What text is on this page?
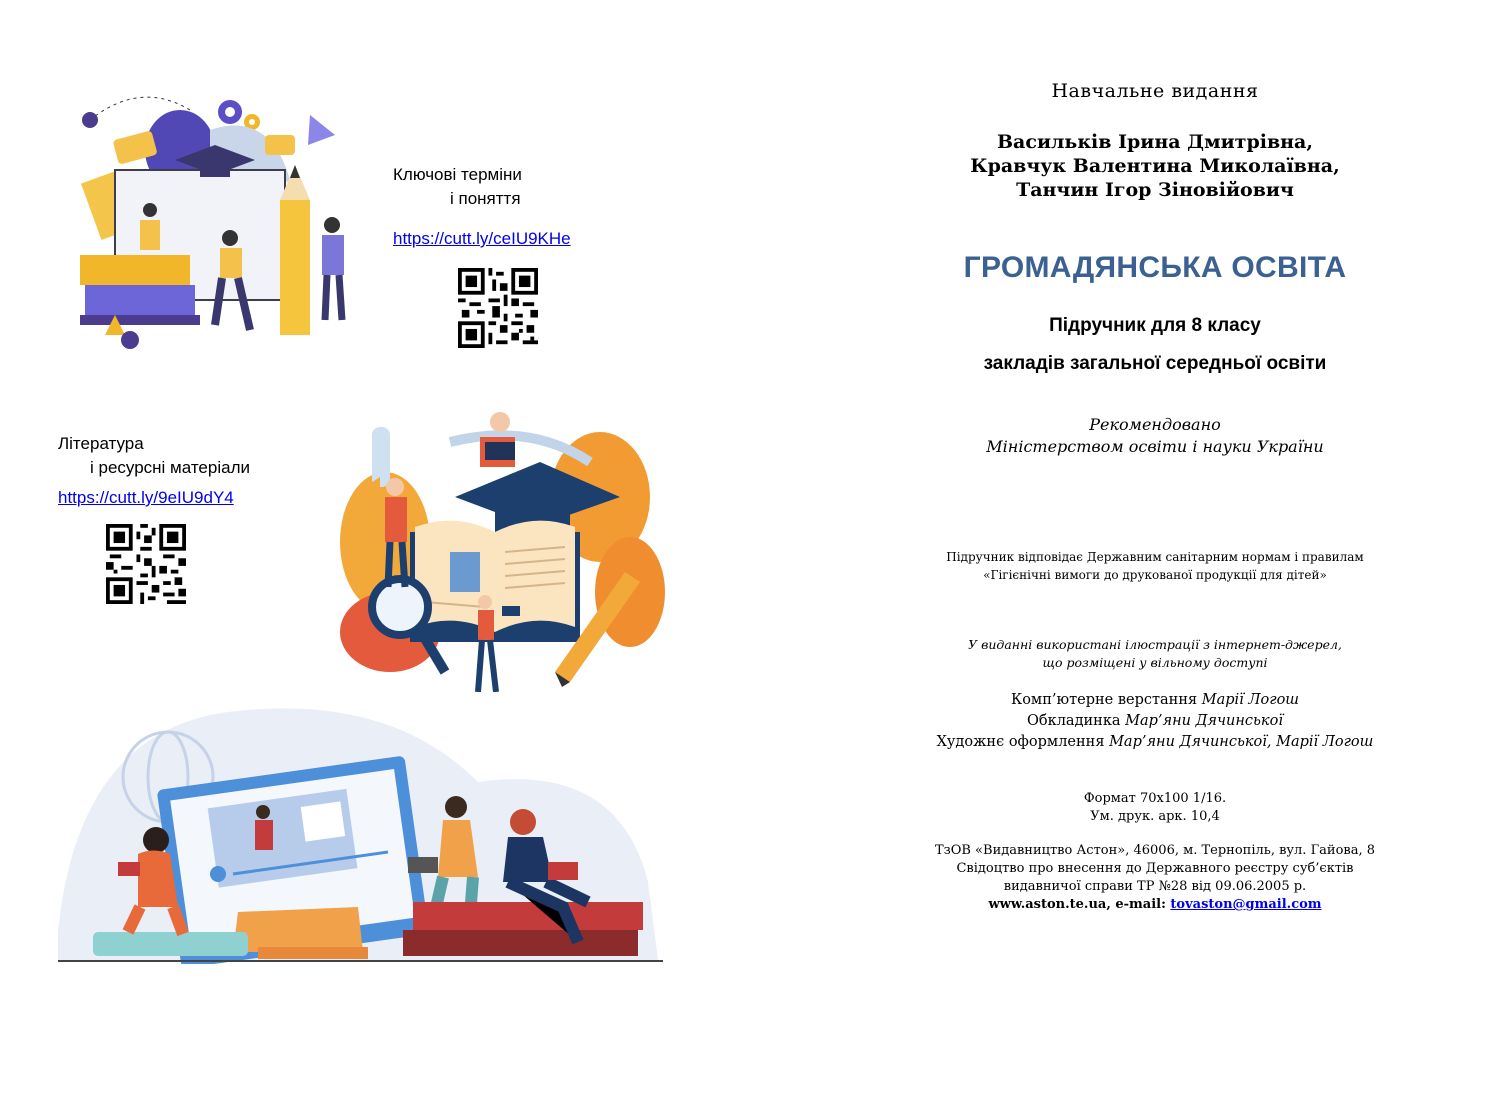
Ключові терміни
і поняття
https://cutt.ly/ceIU9KHe
Література
і ресурсні матеріали
https://cutt.ly/9eIU9dY4
Навчальне видання
Васильків Ірина Дмитрівна,
Кравчук Валентина Миколаївна,
Танчин Ігор Зіновійович
ГРОМАДЯНСЬКА ОСВІТА
Підручник для 8 класу
закладів загальної середньої освіти
Рекомендовано
Міністерством освіти і науки України
Підручник відповідає Державним санітарним нормам і правилам
«Гігієнічні вимоги до друкованої продукції для дітей»
У виданні використані ілюстрації з інтернет-джерел,
що розміщені у вільному доступі
Комп’ютерне верстання Марії Логош
Обкладинка Мар’яни Дячинської
Художнє оформлення Мар’яни Дячинської, Марії Логош
Формат 70х100 1/16.
Ум. друк. арк. 10,4
ТзОВ «Видавництво Астон», 46006, м. Тернопіль, вул. Гайова, 8
Свідоцтво про внесення до Державного реєстру суб’єктів
видавничої справи ТР №28 від 09.06.2005 р.
www.aston.te.ua, e-mail: tovaston@gmail.com
